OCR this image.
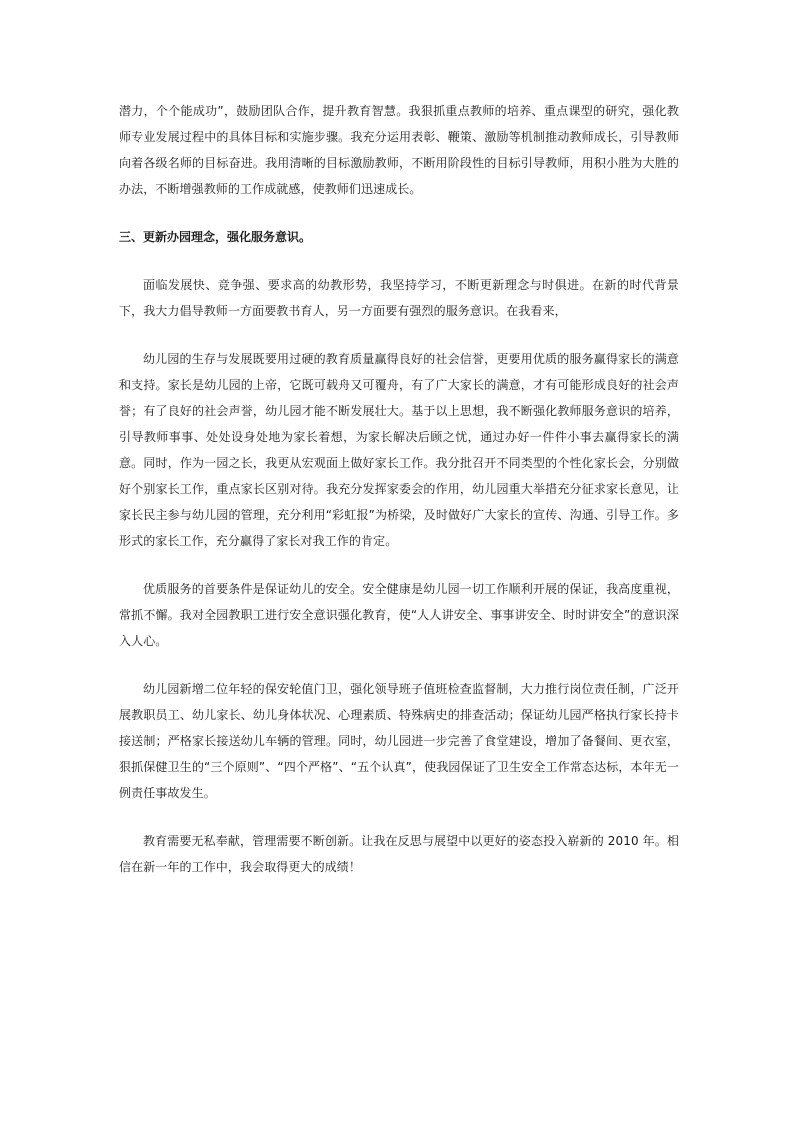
潜力，个个能成功”，鼓励团队合作，提升教育智慧。我狠抓重点教师的培养、重点课型的研究，强化教师专业发展过程中的具体目标和实施步骤。我充分运用表彰、鞭策、激励等机制推动教师成长，引导教师向着各级名师的目标奋进。我用清晰的目标激励教师，不断用阶段性的目标引导教师，用积小胜为大胜的办法，不断增强教师的工作成就感，使教师们迅速成长。

三、更新办园理念，强化服务意识。

面临发展快、竞争强、要求高的幼教形势，我坚持学习，不断更新理念与时俱进。在新的时代背景下，我大力倡导教师一方面要教书育人，另一方面要有强烈的服务意识。在我看来，

幼儿园的生存与发展既要用过硬的教育质量赢得良好的社会信誉，更要用优质的服务赢得家长的满意和支持。家长是幼儿园的上帝，它既可载舟又可覆舟，有了广大家长的满意，才有可能形成良好的社会声誉；有了良好的社会声誉，幼儿园才能不断发展壮大。基于以上思想，我不断强化教师服务意识的培养，引导教师事事、处处设身处地为家长着想，为家长解决后顾之忧，通过办好一件件小事去赢得家长的满意。同时，作为一园之长，我更从宏观面上做好家长工作。我分批召开不同类型的个性化家长会，分别做好个别家长工作，重点家长区别对待。我充分发挥家委会的作用，幼儿园重大举措充分征求家长意见，让家长民主参与幼儿园的管理，充分利用“彩虹报”为桥梁，及时做好广大家长的宣传、沟通、引导工作。多形式的家长工作，充分赢得了家长对我工作的肯定。

优质服务的首要条件是保证幼儿的安全。安全健康是幼儿园一切工作顺利开展的保证，我高度重视，常抓不懈。我对全园教职工进行安全意识强化教育，使“人人讲安全、事事讲安全、时时讲安全”的意识深入人心。

幼儿园新增二位年轻的保安轮值门卫，强化领导班子值班检查监督制，大力推行岗位责任制，广泛开展教职员工、幼儿家长、幼儿身体状况、心理素质、特殊病史的排查活动；保证幼儿园严格执行家长持卡接送制；严格家长接送幼儿车辆的管理。同时，幼儿园进一步完善了食堂建设，增加了备餐间、更衣室，狠抓保健卫生的“三个原则”、“四个严格”、“五个认真”，使我园保证了卫生安全工作常态达标，本年无一例责任事故发生。

教育需要无私奉献，管理需要不断创新。让我在反思与展望中以更好的姿态投入崭新的 2010 年。相信在新一年的工作中，我会取得更大的成绩！
